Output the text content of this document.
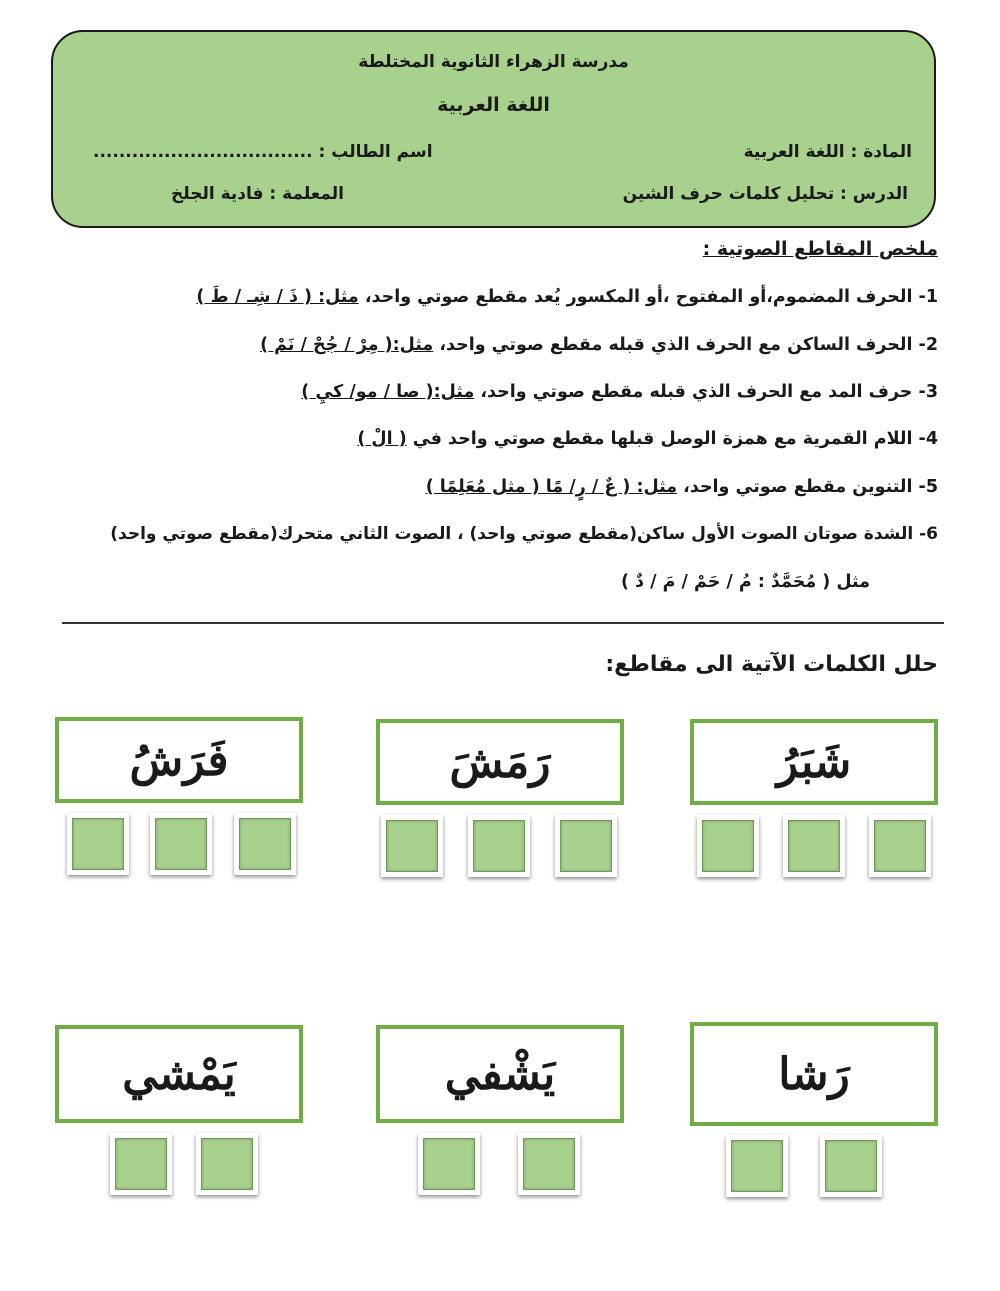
مدرسة الزهراء الثانوية المختلطة
اللغة العربية
المادة : اللغة العربية
اسم الطالب : ..................................
الدرس : تحليل كلمات حرف الشين
المعلمة : فادية الجلخ
ملخص المقاطع الصوتية :
1- الحرف المضموم،أو المفتوح ،أو المكسور يُعد مقطع صوتي واحد، مثل: ( ذَ / شِـ / طَ )
2- الحرف الساكن مع الحرف الذي قبله مقطع صوتي واحد، مثل:( مِرْ / جُحْ / نَمْ )
3- حرف المد مع الحرف الذي قبله مقطع صوتي واحد، مثل:( صا / مو/ كيِ )
4- اللام القمرية مع همزة الوصل قبلها مقطع صوتي واحد في ( الْ )
5- التنوين مقطع صوتي واحد، مثل: ( عٌ / رٍ/ مًا ( مثل مُعَلِمًا )
6- الشدة صوتان الصوت الأول ساكن(مقطع صوتي واحد) ، الصوت الثاني متحرك(مقطع صوتي واحد)
مثل ( مُحَمَّدٌ : مُ / حَمْ / مَ / دٌ )
حلل الكلمات الآتية الى مقاطع:
شَبَرُ
رَمَشَ
فَرَشُ
رَشا
يَشْفي
يَمْشي
